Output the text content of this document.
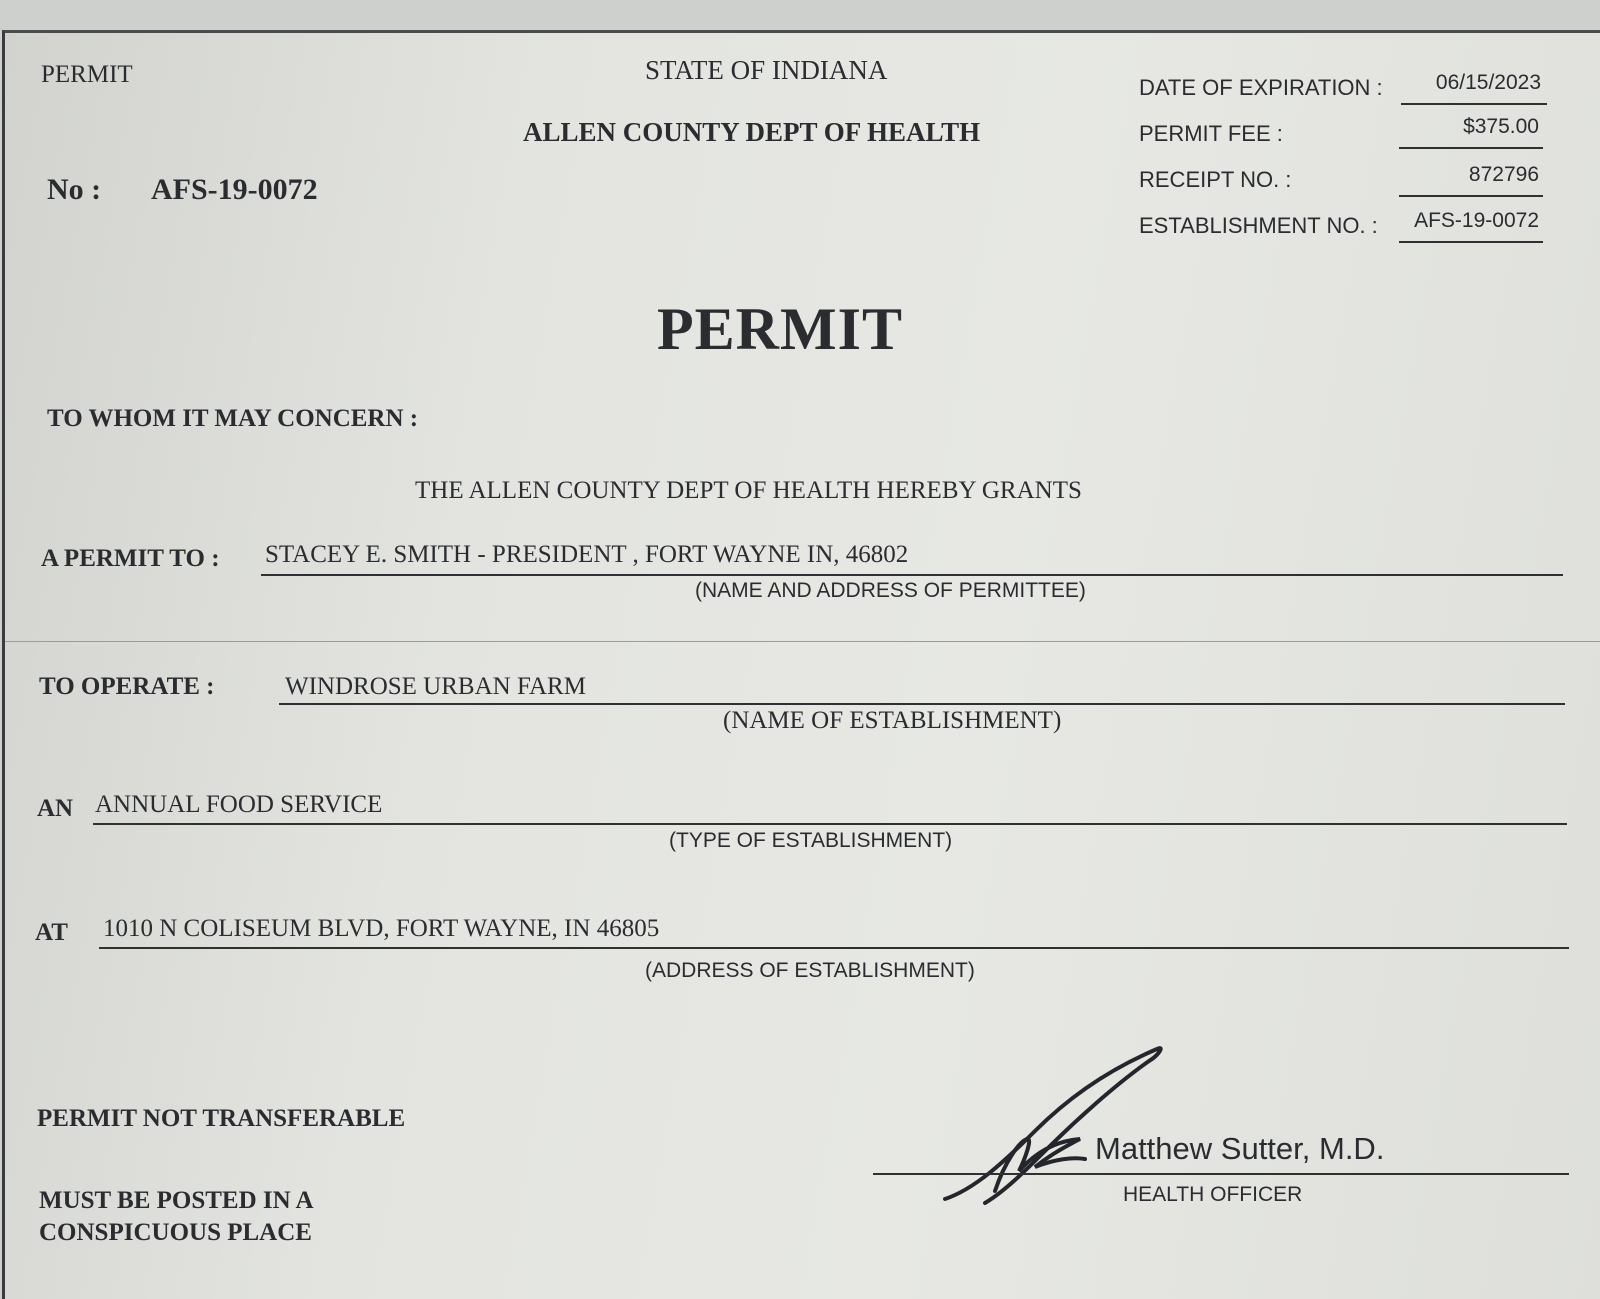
PERMIT
No : AFS-19-0072
STATE OF INDIANA
ALLEN COUNTY DEPT OF HEALTH
DATE OF EXPIRATION :	06/15/2023
PERMIT FEE :	$375.00
RECEIPT NO. :	872796
ESTABLISHMENT NO. :	AFS-19-0072
PERMIT
TO WHOM IT MAY CONCERN :
THE ALLEN COUNTY DEPT OF HEALTH HEREBY GRANTS
A PERMIT TO : STACEY E. SMITH - PRESIDENT , FORT WAYNE IN, 46802
(NAME AND ADDRESS OF PERMITTEE)
TO OPERATE :	WINDROSE URBAN FARM
(NAME OF ESTABLISHMENT)
AN ANNUAL FOOD SERVICE
(TYPE OF ESTABLISHMENT)
AT 1010 N COLISEUM BLVD, FORT WAYNE, IN 46805
(ADDRESS OF ESTABLISHMENT)
PERMIT NOT TRANSFERABLE
MUST BE POSTED IN A
CONSPICUOUS PLACE
Matthew Sutter, M.D.
HEALTH OFFICER
